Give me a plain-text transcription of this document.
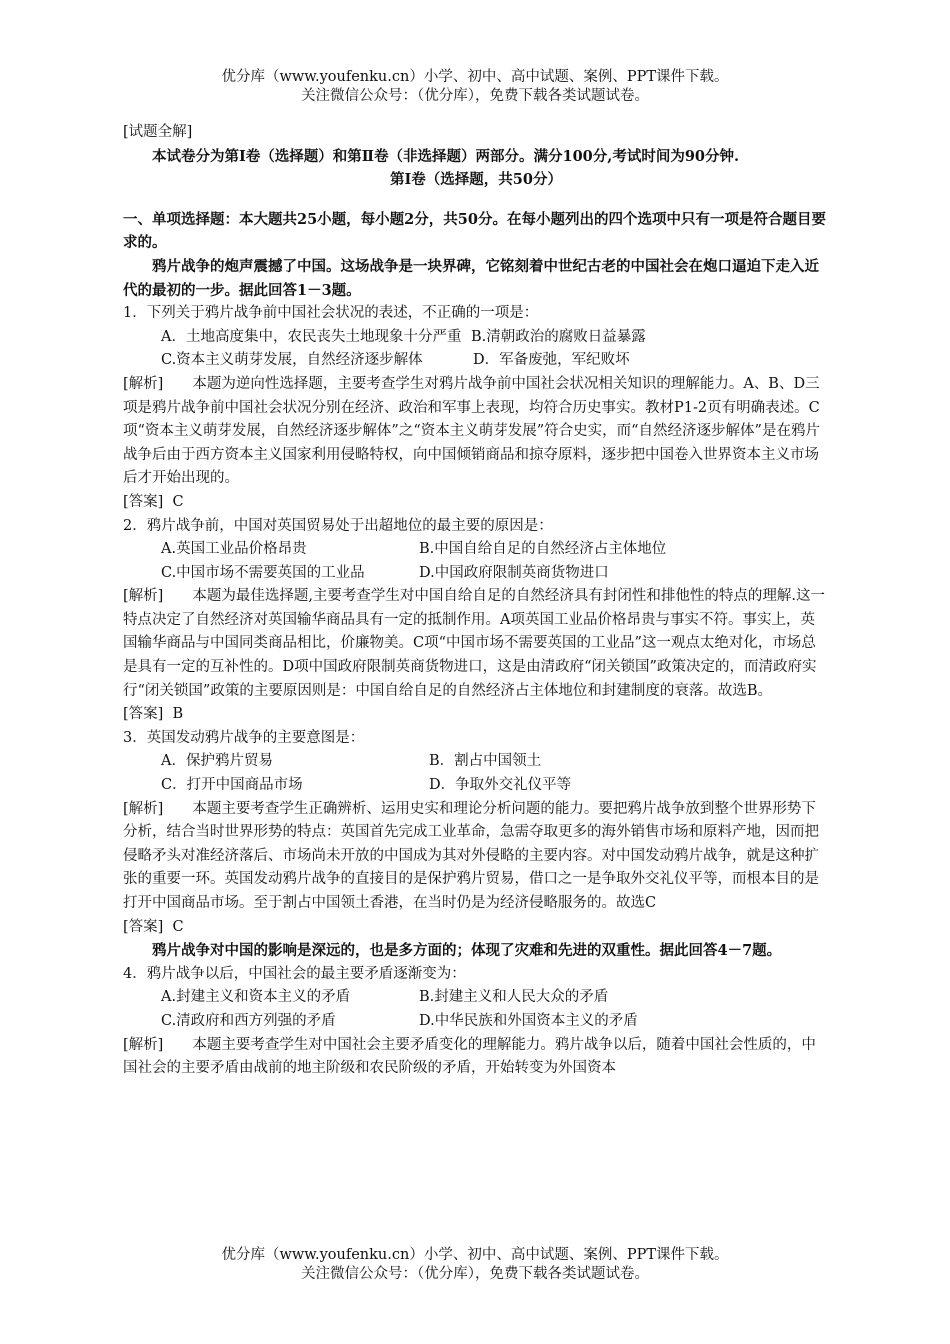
优分库（www.youfenku.cn）小学、初中、高中试题、案例、PPT课件下载。
关注微信公众号：（优分库），免费下载各类试题试卷。

[试题全解]

本试卷分为第Ⅰ卷（选择题）和第Ⅱ卷（非选择题）两部分。满分100分,考试时间为90分钟.

第Ⅰ卷（选择题，共50分）

一、单项选择题：本大题共25小题，每小题2分，共50分。在每小题列出的四个选项中只有一项是符合题目要求的。

鸦片战争的炮声震撼了中国。这场战争是一块界碑，它铭刻着中世纪古老的中国社会在炮口逼迫下走入近代的最初的一步。据此回答1－3题。

1．下列关于鸦片战争前中国社会状况的表述，不正确的一项是：

A．土地高度集中，农民丧失土地现象十分严重 B.清朝政治的腐败日益暴露
C.资本主义萌芽发展，自然经济逐步解体	D．军备废弛，军纪败坏

[解析]　　 本题为逆向性选择题，主要考查学生对鸦片战争前中国社会状况相关知识的理解能力。A、B、D三项是鸦片战争前中国社会状况分别在经济、政治和军事上表现，均符合历史事实。教材P1-2页有明确表述。C项“资本主义萌芽发展，自然经济逐步解体”之“资本主义萌芽发展”符合史实，而“自然经济逐步解体”是在鸦片战争后由于西方资本主义国家利用侵略特权，向中国倾销商品和掠夺原料，逐步把中国卷入世界资本主义市场后才开始出现的。

[答案] C

2．鸦片战争前，中国对英国贸易处于出超地位的最主要的原因是：

A.英国工业品价格昂贵	B.中国自给自足的自然经济占主体地位
C.中国市场不需要英国的工业品	D.中国政府限制英商货物进口

[解析]　　 本题为最佳选择题,主要考查学生对中国自给自足的自然经济具有封闭性和排他性的特点的理解.这一特点决定了自然经济对英国输华商品具有一定的抵制作用。A项英国工业品价格昂贵与事实不符。事实上，英国输华商品与中国同类商品相比，价廉物美。C项“中国市场不需要英国的工业品”这一观点太绝对化，市场总是具有一定的互补性的。D项中国政府限制英商货物进口，这是由清政府“闭关锁国”政策决定的，而清政府实行“闭关锁国”政策的主要原因则是：中国自给自足的自然经济占主体地位和封建制度的衰落。故选B。

[答案] B

3．英国发动鸦片战争的主要意图是：

A．保护鸦片贸易	B．割占中国领土
C．打开中国商品市场	D．争取外交礼仪平等

[解析]　　 本题主要考查学生正确辨析、运用史实和理论分析问题的能力。要把鸦片战争放到整个世界形势下分析，结合当时世界形势的特点：英国首先完成工业革命，急需夺取更多的海外销售市场和原料产地，因而把侵略矛头对准经济落后、市场尚未开放的中国成为其对外侵略的主要内容。对中国发动鸦片战争，就是这种扩张的重要一环。英国发动鸦片战争的直接目的是保护鸦片贸易，借口之一是争取外交礼仪平等，而根本目的是打开中国商品市场。至于割占中国领土香港，在当时仍是为经济侵略服务的。故选C

[答案] C

鸦片战争对中国的影响是深远的，也是多方面的；体现了灾难和先进的双重性。据此回答4－7题。

4．鸦片战争以后，中国社会的最主要矛盾逐渐变为：

A.封建主义和资本主义的矛盾	B.封建主义和人民大众的矛盾
C.清政府和西方列强的矛盾	D.中华民族和外国资本主义的矛盾

[解析]　　 本题主要考查学生对中国社会主要矛盾变化的理解能力。鸦片战争以后，随着中国社会性质的，中国社会的主要矛盾由战前的地主阶级和农民阶级的矛盾，开始转变为外国资本

优分库（www.youfenku.cn）小学、初中、高中试题、案例、PPT课件下载。
关注微信公众号：（优分库），免费下载各类试题试卷。
